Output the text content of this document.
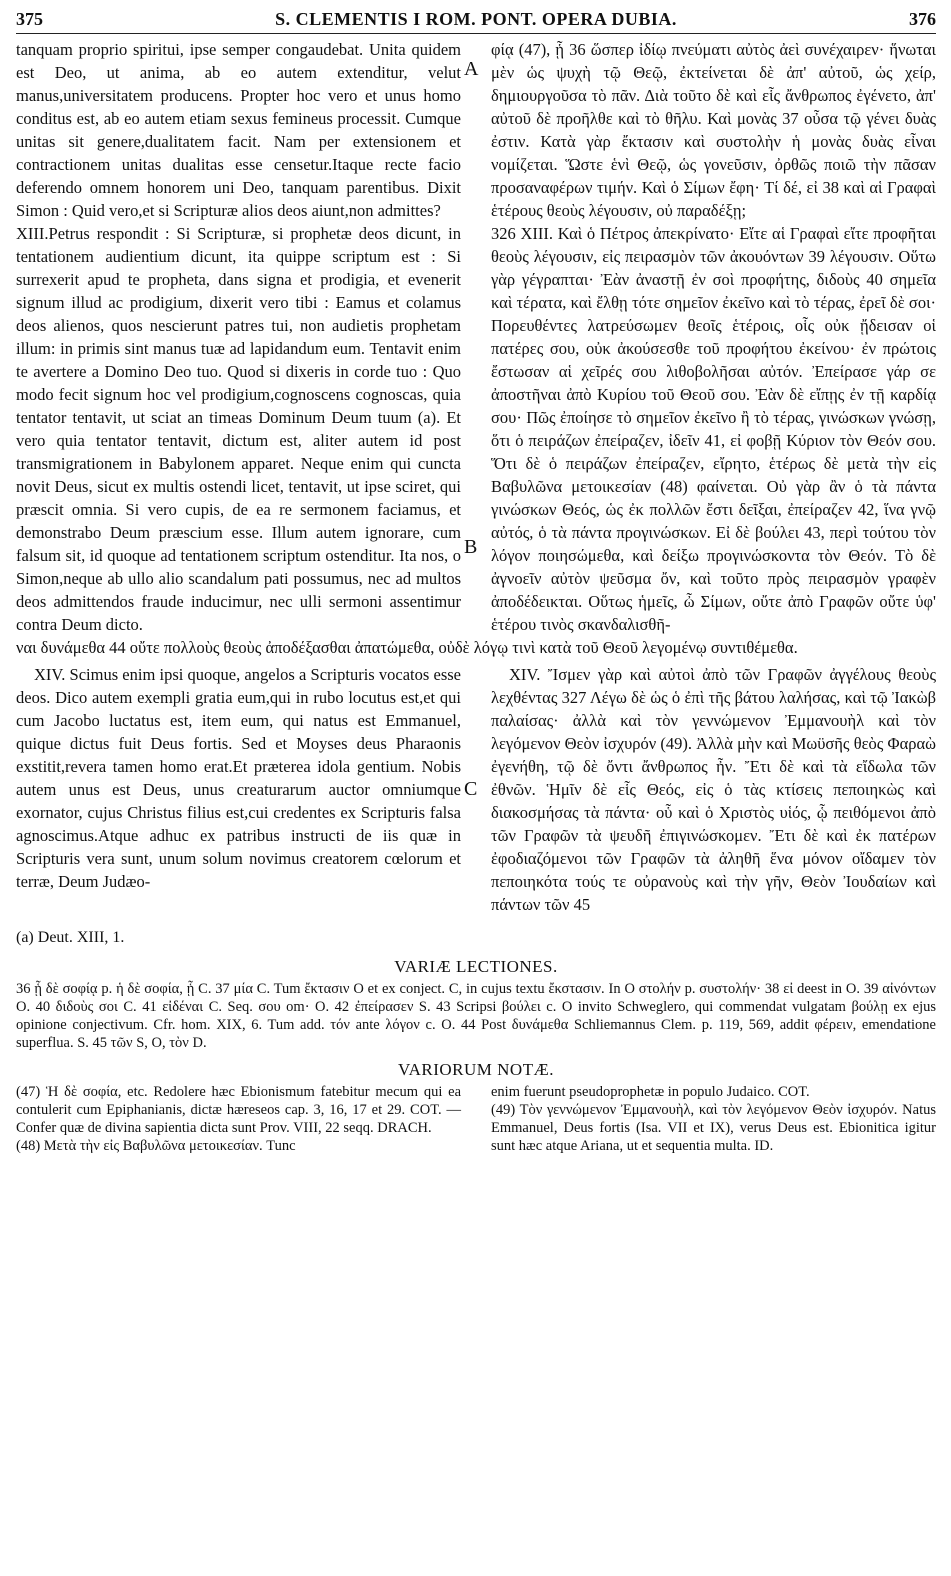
375	S. CLEMENTIS I ROM. PONT. OPERA DUBIA.	376
A
B
C

tanquam proprio spiritui, ipse semper congaudebat. Unita quidem est Deo, ut anima, ab eo autem extenditur, velut manus,universitatem producens. Propter hoc vero et unus homo conditus est, ab eo autem etiam sexus femineus processit. Cumque unitas sit genere,dualitatem facit. Nam per extensionem et contractionem unitas dualitas esse censetur.Itaque recte facio deferendo omnem honorem uni Deo, tanquam parentibus. Dixit Simon : Quid vero,et si Scripturæ alios deos aiunt,non admittes?

XIII.Petrus respondit : Si Scripturæ, si prophetæ deos dicunt, in tentationem audientium dicunt, ita quippe scriptum est : Si surrexerit apud te propheta, dans signa et prodigia, et evenerit signum illud ac prodigium, dixerit vero tibi : Eamus et colamus deos alienos, quos nescierunt patres tui, non audietis prophetam illum: in primis sint manus tuæ ad lapidandum eum. Tentavit enim te avertere a Domino Deo tuo. Quod si dixeris in corde tuo : Quo modo fecit signum hoc vel prodigium,cognoscens cognoscas, quia tentator tentavit, ut sciat an timeas Dominum Deum tuum (a). Et vero quia tentator tentavit, dictum est, aliter autem id post transmigrationem in Babylonem apparet. Neque enim qui cuncta novit Deus, sicut ex multis ostendi licet, tentavit, ut ipse sciret, qui præscit omnia. Si vero cupis, de ea re sermonem faciamus, et demonstrabo Deum præscium esse. Illum autem ignorare, cum falsum sit, id quoque ad tentationem scriptum ostenditur. Ita nos, o Simon,neque ab ullo alio scandalum pati possumus, nec ad multos deos admittendos fraude inducimur, nec ulli sermoni assentimur contra Deum dicto.

φίᾳ (47), ᾗ 36 ὥσπερ ἰδίῳ πνεύματι αὐτὸς ἀεὶ συνέχαιρεν· ἥνωται μὲν ὡς ψυχὴ τῷ Θεῷ, ἐκτείνεται δὲ ἀπ' αὐτοῦ, ὡς χείρ, δημιουργοῦσα τὸ πᾶν. Διὰ τοῦτο δὲ καὶ εἷς ἄνθρωπος ἐγένετο, ἀπ' αὐτοῦ δὲ προῆλθε καὶ τὸ θῆλυ. Καὶ μονὰς 37 οὖσα τῷ γένει δυὰς ἐστιν. Κατὰ γὰρ ἔκτασιν καὶ συστολὴν ἡ μονὰς δυὰς εἶναι νομίζεται. Ὥστε ἑνὶ Θεῷ, ὡς γονεῦσιν, ὀρθῶς ποιῶ τὴν πᾶσαν προσαναφέρων τιμήν. Καὶ ὁ Σίμων ἔφη· Τί δέ, εἰ 38 καὶ αἱ Γραφαὶ ἑτέρους θεοὺς λέγουσιν, οὐ παραδέξῃ;

326 XIII. Καὶ ὁ Πέτρος ἀπεκρίνατο· Εἴτε αἱ Γραφαὶ εἴτε προφῆται θεοὺς λέγουσιν, εἰς πειρασμὸν τῶν ἀκουόντων 39 λέγουσιν. Οὕτω γὰρ γέγραπται· Ἐὰν ἀναστῇ ἐν σοὶ προφήτης, διδοὺς 40 σημεῖα καὶ τέρατα, καὶ ἔλθῃ τότε σημεῖον ἐκεῖνο καὶ τὸ τέρας, ἐρεῖ δὲ σοι· Πορευθέντες λατρεύσωμεν θεοῖς ἑτέροις, οἷς οὐκ ᾔδεισαν οἱ πατέρες σου, οὐκ ἀκούσεσθε τοῦ προφήτου ἐκείνου· ἐν πρώτοις ἔστωσαν αἱ χεῖρές σου λιθοβολῆσαι αὐτόν. Ἐπείρασε γάρ σε ἀποστῆναι ἀπὸ Κυρίου τοῦ Θεοῦ σου. Ἐὰν δὲ εἴπῃς ἐν τῇ καρδίᾳ σου· Πῶς ἐποίησε τὸ σημεῖον ἐκεῖνο ἢ τὸ τέρας, γινώσκων γνώσῃ, ὅτι ὁ πειράζων ἐπείραζεν, ἰδεῖν 41, εἰ φοβῇ Κύριον τὸν Θεόν σου. Ὅτι δὲ ὁ πειράζων ἐπείραζεν, εἴρητο, ἑτέρως δὲ μετὰ τὴν εἰς Βαβυλῶνα μετοικεσίαν (48) φαίνεται. Οὐ γὰρ ἂν ὁ τὰ πάντα γινώσκων Θεός, ὡς ἐκ πολλῶν ἔστι δεῖξαι, ἐπείραζεν 42, ἵνα γνῷ αὐτός, ὁ τὰ πάντα προγινώσκων. Εἰ δὲ βούλει 43, περὶ τούτου τὸν λόγον ποιησώμεθα, καὶ δείξω προγινώσκοντα τὸν Θεόν. Τὸ δὲ ἀγνοεῖν αὐτὸν ψεῦσμα ὄν, καὶ τοῦτο πρὸς πειρασμὸν γραφὲν ἀποδέδεικται. Οὕτως ἡμεῖς, ὦ Σίμων, οὔτε ἀπὸ Γραφῶν οὔτε ὑφ' ἑτέρου τινὸς σκανδαλισθῆ-

ναι δυνάμεθα 44 οὔτε πολλοὺς θεοὺς ἀποδέξασθαι ἀπατώμεθα, οὐδὲ λόγῳ τινὶ κατὰ τοῦ Θεοῦ λεγομένῳ συντιθέμεθα.

XIV. Scimus enim ipsi quoque, angelos a Scripturis vocatos esse deos. Dico autem exempli gratia eum,qui in rubo locutus est,et qui cum Jacobo luctatus est, item eum, qui natus est Emmanuel, quique dictus fuit Deus fortis. Sed et Moyses deus Pharaonis exstitit,revera tamen homo erat.Et præterea idola gentium. Nobis autem unus est Deus, unus creaturarum auctor omniumque exornator, cujus Christus filius est,cui credentes ex Scripturis falsa agnoscimus.Atque adhuc ex patribus instructi de iis quæ in Scripturis vera sunt, unum solum novimus creatorem cœlorum et terræ, Deum Judæo-

XIV. Ἴσμεν γὰρ καὶ αὐτοὶ ἀπὸ τῶν Γραφῶν ἀγγέλους θεοὺς λεχθέντας 327 Λέγω δὲ ὡς ὁ ἐπὶ τῆς βάτου λαλήσας, καὶ τῷ Ἰακὼβ παλαίσας· ἀλλὰ καὶ τὸν γεννώμενον Ἐμμανουὴλ καὶ τὸν λεγόμενον Θεὸν ἰσχυρόν (49). Ἀλλὰ μὴν καὶ Μωϋσῆς θεὸς Φαραὼ ἐγενήθη, τῷ δὲ ὄντι ἄνθρωπος ἦν. Ἔτι δὲ καὶ τὰ εἴδωλα τῶν ἐθνῶν. Ἡμῖν δὲ εἷς Θεός, εἰς ὁ τὰς κτίσεις πεποιηκὼς καὶ διακοσμήσας τὰ πάντα· οὗ καὶ ὁ Χριστὸς υἱός, ᾧ πειθόμενοι ἀπὸ τῶν Γραφῶν τὰ ψευδῆ ἐπιγινώσκομεν. Ἔτι δὲ καὶ ἐκ πατέρων ἐφοδιαζόμενοι τῶν Γραφῶν τὰ ἀληθῆ ἕνα μόνον οἴδαμεν τὸν πεποιηκότα τούς τε οὐρανοὺς καὶ τὴν γῆν, Θεὸν Ἰουδαίων καὶ πάντων τῶν 45

(a) Deut. XIII, 1.
VARIÆ LECTIONES.

36 ᾗ δὲ σοφίᾳ p. ἡ δὲ σοφία, ᾗ C. 37 μία C. Tum ἔκτασιν O et ex conject. C, in cujus textu ἔκστασιν. In O στολήν p. συστολήν· 38 εἰ deest in O. 39 αἰνόντων O. 40 διδοὺς σοι C. 41 εἰδέναι C. Seq. σου om· O. 42 ἐπείρασεν S. 43 Scripsi βούλει c. O invito Schweglero, qui commendat vulgatam βούλῃ ex ejus opinione conjectivum. Cfr. hom. XIX, 6. Tum add. τόν ante λόγον c. O. 44 Post δυνάμεθα Schliemannus Clem. p. 119, 569, addit φέρειν, emendatione superflua. S. 45 τῶν S, O, τὸν D.

VARIORUM NOTÆ.

(47) Ἡ δὲ σοφία, etc. Redolere hæc Ebionismum fatebitur mecum qui ea contulerit cum Epiphanianis, dictæ hæreseos cap. 3, 16, 17 et 29. COT. — Confer quæ de divina sapientia dicta sunt Prov. VIII, 22 seqq. DRACH.

(48) Μετὰ τὴν εἰς Βαβυλῶνα μετοικεσίαν. Tunc

enim fuerunt pseudoprophetæ in populo Judaico. COT.

(49) Τὸν γεννώμενον Ἐμμανουὴλ, καὶ τὸν λεγόμενον Θεὸν ἰσχυρόν. Natus Emmanuel, Deus fortis (Isa. VII et IX), verus Deus est. Ebionitica igitur sunt hæc atque Ariana, ut et sequentia multa. ID.
